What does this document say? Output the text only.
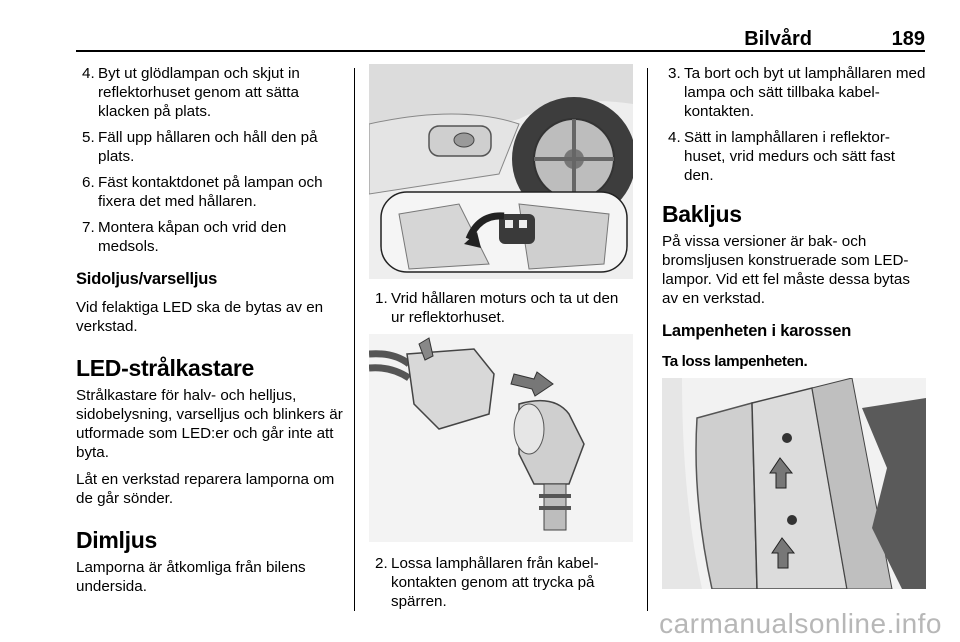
Bilvård	189
4. Byt ut glödlampan och skjut in reflektorhuset genom att sätta klacken på plats.
5. Fäll upp hållaren och håll den på plats.
6. Fäst kontaktdonet på lampan och fixera det med hållaren.
7. Montera kåpan och vrid den medsols.
Sidoljus/varselljus
Vid felaktiga LED ska de bytas av en verkstad.
LED-strålkastare
Strålkastare för halv- och helljus, sidobelysning, varselljus och blinkers är utformade som LED:er och går inte att byta.
Låt en verkstad reparera lamporna om de går sönder.
Dimljus
Lamporna är åtkomliga från bilens undersida.
1. Vrid hållaren moturs och ta ut den ur reflektorhuset.
2. Lossa lamphållaren från kabel-kontakten genom att trycka på spärren.
3. Ta bort och byt ut lamphållaren med lampa och sätt tillbaka kabel-kontakten.
4. Sätt in lamphållaren i reflektor-huset, vrid medurs och sätt fast den.
Bakljus
På vissa versioner är bak- och bromsljusen konstruerade som LED-lampor. Vid ett fel måste dessa bytas av en verkstad.
Lampenheten i karossen
Ta loss lampenheten.
carmanualsonline.info
